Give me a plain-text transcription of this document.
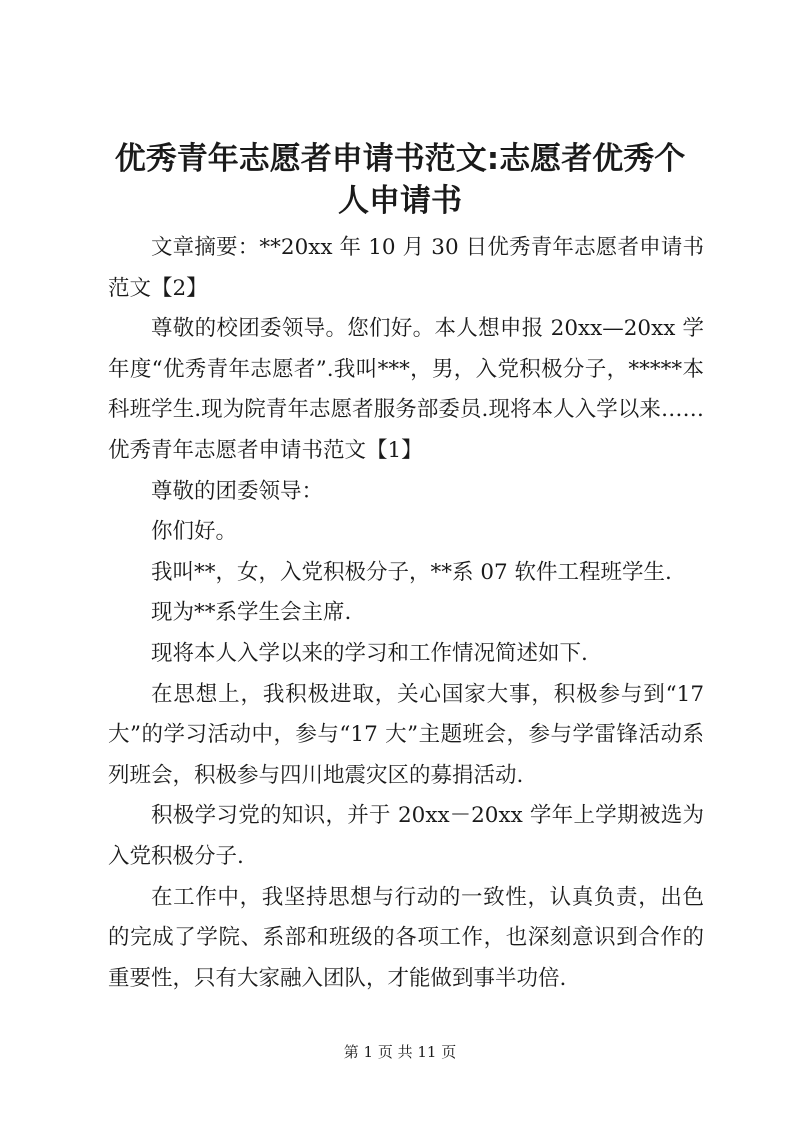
优秀青年志愿者申请书范文:志愿者优秀个人申请书

文章摘要：**20xx 年 10 月 30 日优秀青年志愿者申请书范文【2】

尊敬的校团委领导。您们好。本人想申报 20xx—20xx 学年度“优秀青年志愿者”.我叫***，男，入党积极分子，*****本科班学生.现为院青年志愿者服务部委员.现将本人入学以来……优秀青年志愿者申请书范文【1】

尊敬的团委领导：

你们好。

我叫**，女，入党积极分子，**系 07 软件工程班学生.

现为**系学生会主席.

现将本人入学以来的学习和工作情况简述如下.

在思想上，我积极进取，关心国家大事，积极参与到“17大”的学习活动中，参与“17 大”主题班会，参与学雷锋活动系列班会，积极参与四川地震灾区的募捐活动.

积极学习党的知识，并于 20xx－20xx 学年上学期被选为入党积极分子.

在工作中，我坚持思想与行动的一致性，认真负责，出色的完成了学院、系部和班级的各项工作，也深刻意识到合作的重要性，只有大家融入团队，才能做到事半功倍.

第 1 页 共 11 页
